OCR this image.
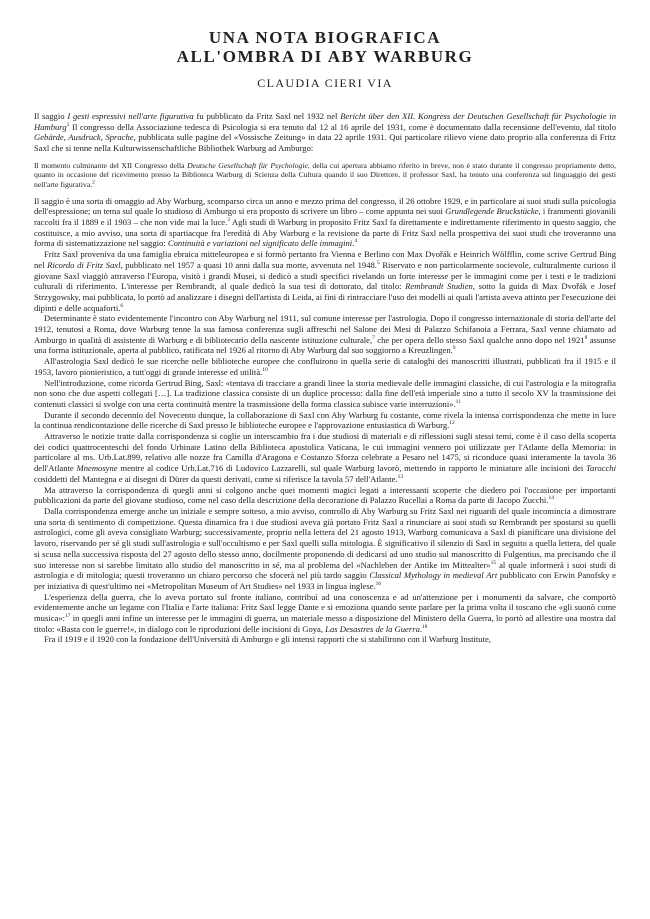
UNA NOTA BIOGRAFICA
ALL'OMBRA DI ABY WARBURG
CLAUDIA CIERI VIA

Il saggio I gesti espressivi nell'arte figurativa fu pubblicato da Fritz Saxl nel 1932 nel Bericht über den XII. Kongress der Deutschen Gesellschaft für Psychologie in Hamburg$^1$ Il congresso della Associazione tedesca di Psicologia si era tenuto dal 12 al 16 aprile del 1931, come è documentato dalla recensione dell'evento, dal titolo Gebärde, Ausdruck, Sprache, pubblicata sulle pagine del «Vossische Zeitung» in data 22 aprile 1931. Qui particolare rilievo viene dato proprio alla conferenza di Fritz Saxl che si tenne nella Kulturwissenschaftliche Bibliothek Warburg ad Amburgo:

Il momento culminante del XII Congresso della Deutsche Gesellschaft für Psychologie, della cui apertura abbiamo riferito in breve, non è stato durante il congresso propriamente detto, quanto in occasione del ricevimento presso la Biblioteca Warburg di Scienza della Cultura quando il suo Direttore, il professor Saxl, ha tenuto una conferenza sul linguaggio dei gesti nell'arte figurativa.$^2$

Il saggio è una sorta di omaggio ad Aby Warburg, scomparso circa un anno e mezzo prima del congresso, il 26 ottobre 1929, e in particolare ai suoi studi sulla psicologia dell'espressione; un tema sul quale lo studioso di Amburgo si era proposto di scrivere un libro – come appunta nei suoi Grundlegende Bruckstücke, i frammenti giovanili raccolti fra il 1889 e il 1903 – che non vide mai la luce.$^3$ Agli studi di Warburg in proposito Fritz Saxl fa direttamente e indirettamente riferimento in questo saggio, che costituisce, a mio avviso, una sorta di spartiacque fra l'eredità di Aby Warburg e la revisione da parte di Fritz Saxl nella prospettiva dei suoi studi che troveranno una forma di sistematizzazione nel saggio: Continuità e variazioni nel significato delle immagini.$^4$

Fritz Saxl proveniva da una famiglia ebraica mitteleuropea e si formò pertanto fra Vienna e Berlino con Max Dvořák e Heinrich Wölfflin, come scrive Gertrud Bing nel Ricordo di Fritz Saxl, pubblicato nel 1957 a quasi 10 anni dalla sua morte, avvenuta nel 1948.$^5$ Riservato e non particolarmente socievole, culturalmente curioso il giovane Saxl viaggiò attraverso l'Europa, visitò i grandi Musei, si dedicò a studi specifici rivelando un forte interesse per le immagini come per i testi e le tradizioni culturali di riferimento. L'interesse per Rembrandt, al quale dedicò la sua tesi di dottorato, dal titolo: Rembrandt Studien, sotto la guida di Max Dvořák e Josef Strzygowsky, mai pubblicata, lo portò ad analizzare i disegni dell'artista di Leida, ai fini di rintracciare l'uso dei modelli ai quali l'artista aveva attinto per l'esecuzione dei dipinti e delle acquaforti.$^6$

Determinante è stato evidentemente l'incontro con Aby Warburg nel 1911, sul comune interesse per l'astrologia. Dopo il congresso internazionale di storia dell'arte del 1912, tenutosi a Roma, dove Warburg tenne la sua famosa conferenza sugli affreschi nel Salone dei Mesi di Palazzo Schifanoia a Ferrara, Saxl venne chiamato ad Amburgo in qualità di assistente di Warburg e di bibliotecario della nascente istituzione culturale,$^7$ che per opera dello stesso Saxl qualche anno dopo nel 1921$^8$ assunse una forma istituzionale, aperta al pubblico, ratificata nel 1926 al ritorno di Aby Warburg dal suo soggiorno a Kreuzlingen.$^9$

All'astrologia Saxl dedicò le sue ricerche nelle biblioteche europee che confluirono in quella serie di cataloghi dei manoscritti illustrati, pubblicati fra il 1915 e il 1953, lavoro pionieristico, a tutt'oggi di grande interesse ed utilità.$^{10}$

Nell'introduzione, come ricorda Gertrud Bing, Saxl: «tentava di tracciare a grandi linee la storia medievale delle immagini classiche, di cui l'astrologia e la mitografia non sono che due aspetti collegati […]. La tradizione classica consiste di un duplice processo: dalla fine dell'età imperiale sino a tutto il secolo XV la trasmissione dei contenuti classici si svolge con una certa continuità mentre la trasmissione della forma classica subisce varie interruzioni».$^{11}$

Durante il secondo decennio del Novecento dunque, la collaborazione di Saxl con Aby Warburg fu costante, come rivela la intensa corrispondenza che mette in luce la continua rendicontazione delle ricerche di Saxl presso le biblioteche europee e l'approvazione entusiastica di Warburg.$^{12}$

Attraverso le notizie tratte dalla corrispondenza si coglie un interscambio fra i due studiosi di materiali e di riflessioni sugli stessi temi, come è il caso della scoperta dei codici quattrocenteschi del fondo Urbinate Latino della Biblioteca apostolica Vaticana, le cui immagini vennero poi utilizzate per l'Atlante della Memoria: in particolare al ms. Urb.Lat.899, relativo alle nozze fra Camilla d'Aragona e Costanzo Sforza celebrate a Pesaro nel 1475, si riconduce quasi interamente la tavola 36 dell'Atlante Mnemosyne mentre al codice Urb.Lat.716 di Ludovico Lazzarelli, sul quale Warburg lavorò, mettendo in rapporto le miniature alle incisioni dei Tarocchi cosiddetti del Mantegna e ai disegni di Dürer da questi derivati, come si riferisce la tavola 57 dell'Atlante.$^{13}$

Ma attraverso la corrispondenza di quegli anni si colgono anche quei momenti magici legati a interessanti scoperte che diedero poi l'occasione per importanti pubblicazioni da parte del giovane studioso, come nel caso della descrizione della decorazione di Palazzo Rucellai a Roma da parte di Jacopo Zucchi.$^{14}$

Dalla corrispondenza emerge anche un iniziale e sempre sotteso, a mio avviso, controllo di Aby Warburg su Fritz Saxl nei riguardi del quale incomincia a dimostrare una sorta di sentimento di competizione. Questa dinamica fra i due studiosi aveva già portato Fritz Saxl a rinunciare ai suoi studi su Rembrandt per spostarsi su quelli astrologici, come gli aveva consigliato Warburg; successivamente, proprio nella lettera del 21 agosto 1913, Warburg comunicava a Saxl di pianificare una divisione del lavoro, riservando per sé gli studi sull'astrologia e sull'occultismo e per Saxl quelli sulla mitologia. È significativo il silenzio di Saxl in seguito a quella lettera, del quale si scusa nella successiva risposta del 27 agosto dello stesso anno, docilmente proponendo di dedicarsi ad uno studio sul manoscritto di Fulgentius, ma precisando che il suo interesse non si sarebbe limitato allo studio del manoscritto in sé, ma al problema del «Nachleben der Antike im Mittealter»$^{15}$ al quale informerà i suoi studi di astrologia e di mitologia; questi troveranno un chiaro percorso che sfocerà nel più tardo saggio Classical Mythology in medieval Art pubblicato con Erwin Panofsky e per iniziativa di quest'ultimo nei «Metropolitan Museum of Art Studies» nel 1933 in lingua inglese.$^{16}$

L'esperienza della guerra, che lo aveva portato sul fronte italiano, contribuì ad una conoscenza e ad un'attenzione per i monumenti da salvare, che comportò evidentemente anche un legame con l'Italia e l'arte italiana: Fritz Saxl legge Dante e si emoziona quando sente parlare per la prima volta il toscano che «gli suonò come musica»:$^{17}$ in quegli anni infine un interesse per le immagini di guerra, un materiale messo a disposizione del Ministero della Guerra, lo portò ad allestire una mostra dal titolo: «Basta con le guerre!», in dialogo con le riproduzioni delle incisioni di Goya, Las Desastres de la Guerra.$^{18}$

Fra il 1919 e il 1920 con la fondazione dell'Università di Amburgo e gli intensi rapporti che si stabilirono con il Warburg Institute,
